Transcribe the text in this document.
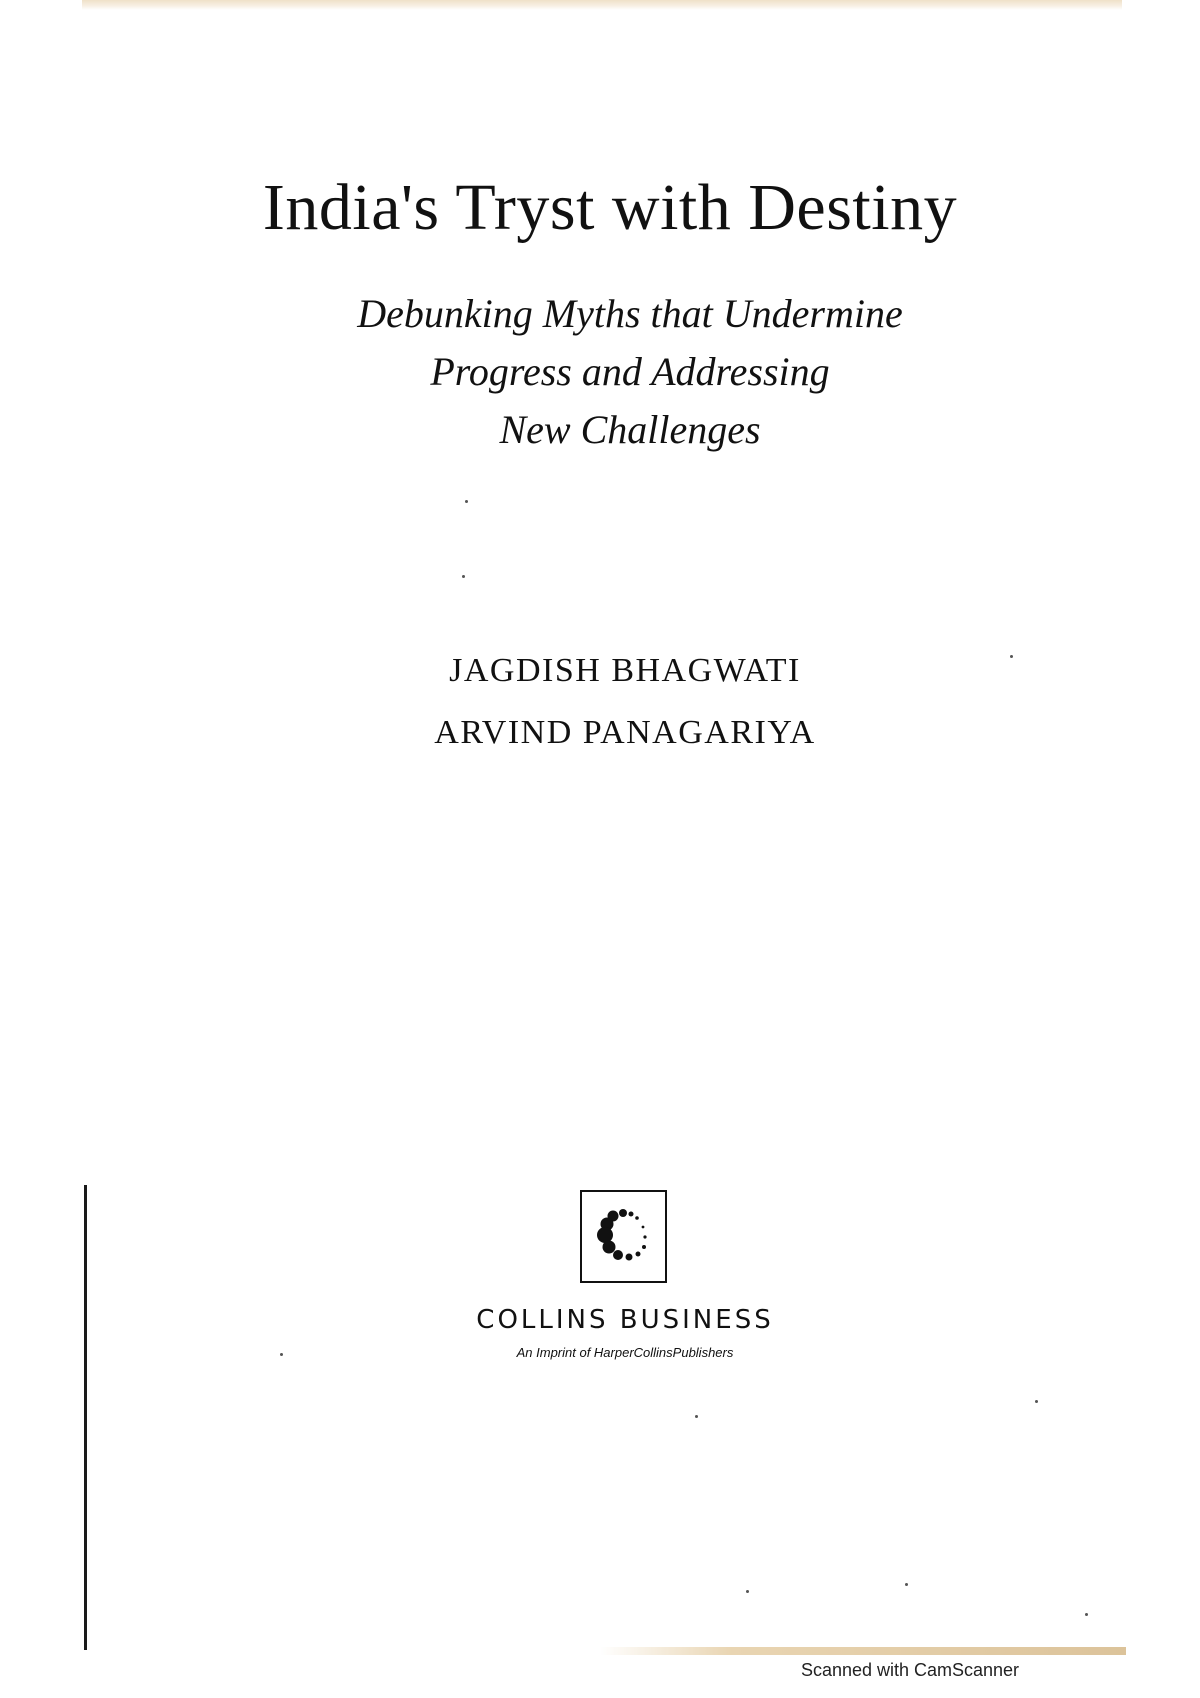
India's Tryst with Destiny
Debunking Myths that Undermine
Progress and Addressing
New Challenges
JAGDISH BHAGWATI
ARVIND PANAGARIYA
COLLINS BUSINESS
An Imprint of HarperCollinsPublishers
Scanned with CamScanner
